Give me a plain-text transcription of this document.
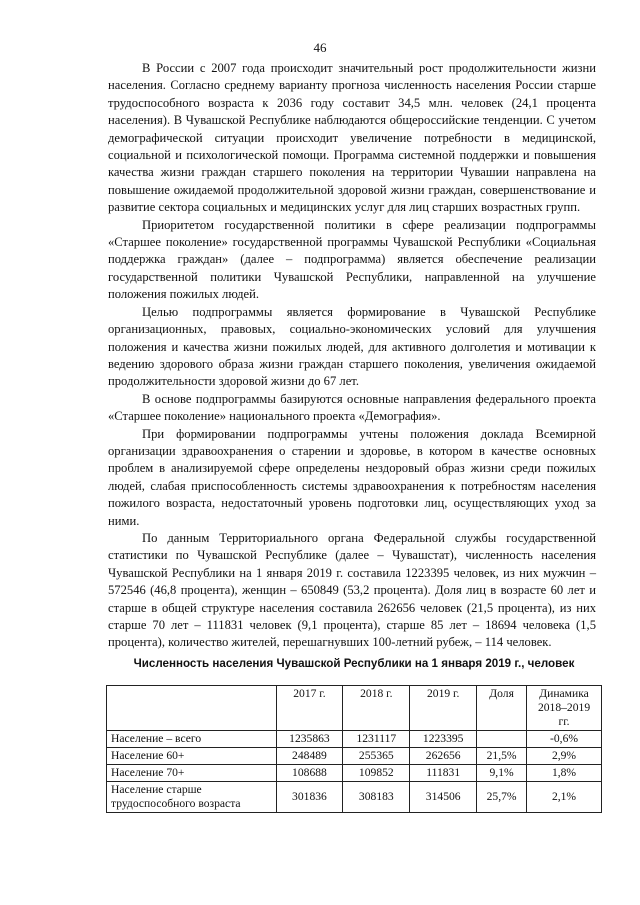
46

В России с 2007 года происходит значительный рост продолжительности жизни населения. Согласно среднему варианту прогноза численность населения России старше трудоспособного возраста к 2036 году составит 34,5 млн. человек (24,1 процента населения). В Чувашской Республике наблюдаются общероссийские тенденции. С учетом демографической ситуации происходит увеличение потребности в медицинской, социальной и психологической помощи. Программа системной поддержки и повышения качества жизни граждан старшего поколения на территории Чувашии направлена на повышение ожидаемой продолжительной здоровой жизни граждан, совершенствование и развитие сектора социальных и медицинских услуг для лиц старших возрастных групп.

Приоритетом государственной политики в сфере реализации подпрограммы «Старшее поколение» государственной программы Чувашской Республики «Социальная поддержка граждан» (далее – подпрограмма) является обеспечение реализации государственной политики Чувашской Республики, направленной на улучшение положения пожилых людей.

Целью подпрограммы является формирование в Чувашской Республике организационных, правовых, социально-экономических условий для улучшения положения и качества жизни пожилых людей, для активного долголетия и мотивации к ведению здорового образа жизни граждан старшего поколения, увеличения ожидаемой продолжительности здоровой жизни до 67 лет.

В основе подпрограммы базируются основные направления федерального проекта «Старшее поколение» национального проекта «Демография».

При формировании подпрограммы учтены положения доклада Всемирной организации здравоохранения о старении и здоровье, в котором в качестве основных проблем в анализируемой сфере определены нездоровый образ жизни среди пожилых людей, слабая приспособленность системы здравоохранения к потребностям населения пожилого возраста, недостаточный уровень подготовки лиц, осуществляющих уход за ними.

По данным Территориального органа Федеральной службы государственной статистики по Чувашской Республике (далее – Чувашстат), численность населения Чувашской Республики на 1 января 2019 г. составила 1223395 человек, из них мужчин – 572546 (46,8 процента), женщин – 650849 (53,2 процента). Доля лиц в возрасте 60 лет и старше в общей структуре населения составила 262656 человек (21,5 процента), из них старше 70 лет – 111831 человек (9,1 процента), старше 85 лет – 18694 человека (1,5 процента), количество жителей, перешагнувших 100-летний рубеж, – 114 человек.

Численность населения Чувашской Республики на 1 января 2019 г., человек
	2017 г.	2018 г.	2019 г.	Доля	Динамика 2018–2019 гг.
Население – всего	1235863	1231117	1223395		-0,6%
Население 60+	248489	255365	262656	21,5%	2,9%
Население 70+	108688	109852	111831	9,1%	1,8%
Население старше трудоспособного возраста	301836	308183	314506	25,7%	2,1%
